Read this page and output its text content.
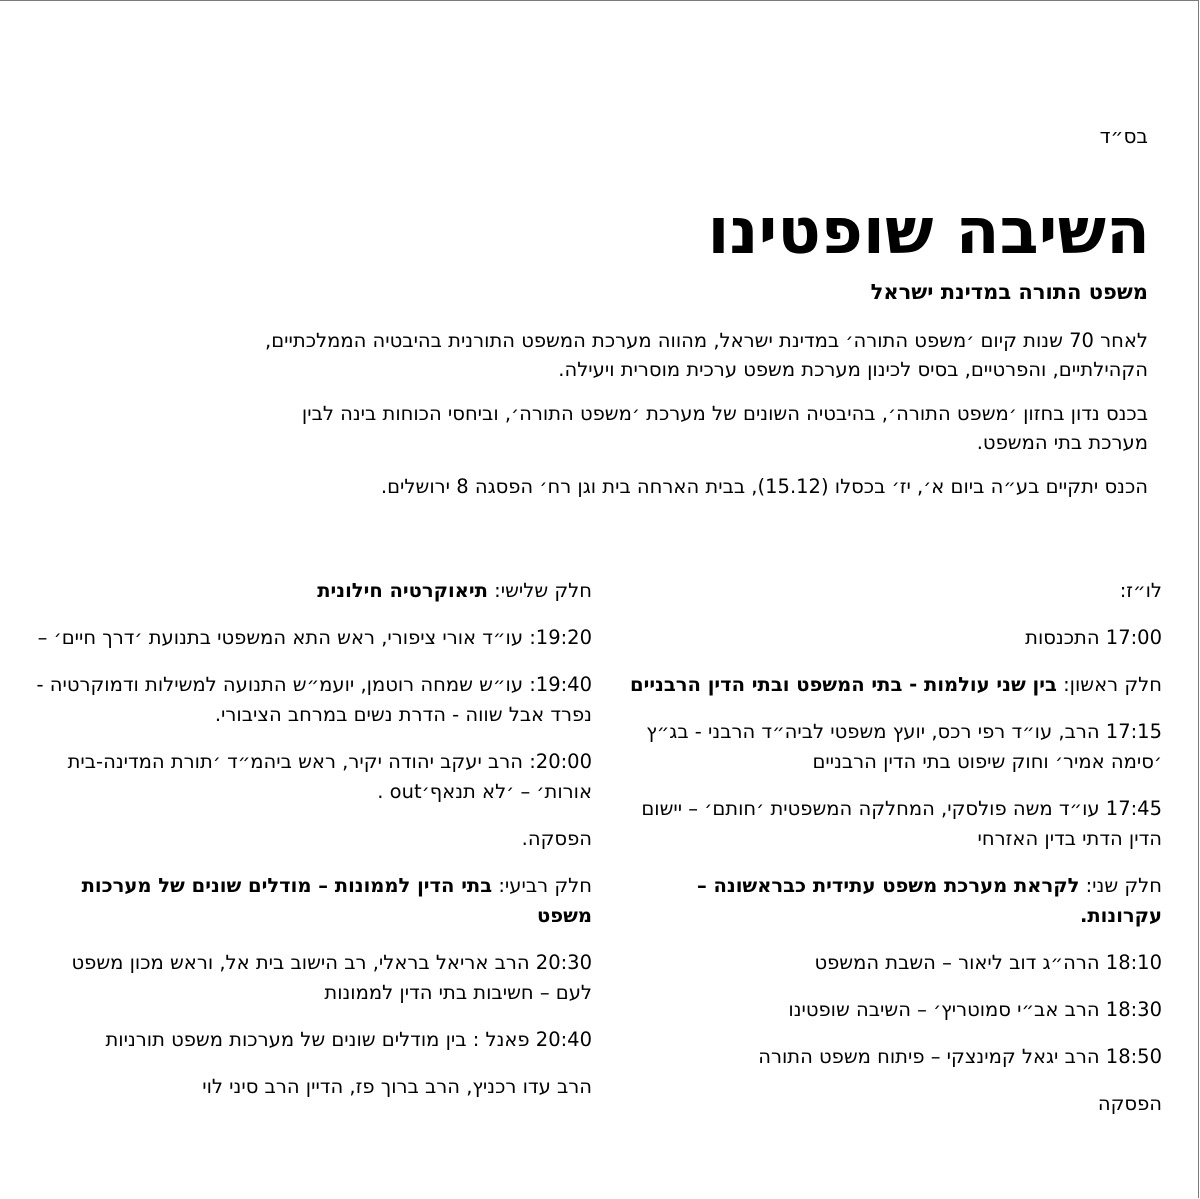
בס״ד
השיבה שופטינו
משפט התורה במדינת ישראל

לאחר 70 שנות קיום ׳משפט התורה׳ במדינת ישראל, מהווה מערכת המשפט התורנית בהיבטיה הממלכתיים, הקהילתיים, והפרטיים, בסיס לכינון מערכת משפט ערכית מוסרית ויעילה.

בכנס נדון בחזון ׳משפט התורה׳, בהיבטיה השונים של מערכת ׳משפט התורה׳, וביחסי הכוחות בינה לבין מערכת בתי המשפט.

הכנס יתקיים בע״ה ביום א׳, יז׳ בכסלו (15.12), בבית הארחה בית וגן רח׳ הפסגה 8 ירושלים.

לו״ז:

17:00 התכנסות

חלק ראשון: בין שני עולמות - בתי המשפט ובתי הדין הרבניים

17:15 הרב, עו״ד רפי רכס, יועץ משפטי לביה״ד הרבני - בג״ץ ׳סימה אמיר׳ וחוק שיפוט בתי הדין הרבניים

17:45 עו״ד משה פולסקי, המחלקה המשפטית ׳חותם׳ – יישום הדין הדתי בדין האזרחי

חלק שני: לקראת מערכת משפט עתידית כבראשונה – עקרונות.

18:10 הרה״ג דוב ליאור – השבת המשפט

18:30 הרב אב״י סמוטריץ׳ – השיבה שופטינו

18:50 הרב יגאל קמינצקי – פיתוח משפט התורה

הפסקה

חלק שלישי: תיאוקרטיה חילונית

19:20: עו״ד אורי ציפורי, ראש התא המשפטי בתנועת ׳דרך חיים׳ –

19:40: עו״ש שמחה רוטמן, יועמ״ש התנועה למשילות ודמוקרטיה - נפרד אבל שווה - הדרת נשים במרחב הציבורי.

20:00: הרב יעקב יהודה יקיר, ראש ביהמ״ד ׳תורת המדינה-בית אורות׳ – ׳לא תנאף׳out .

הפסקה.

חלק רביעי: בתי הדין לממונות – מודלים שונים של מערכות משפט

20:30 הרב אריאל בראלי, רב הישוב בית אל, וראש מכון משפט לעם – חשיבות בתי הדין לממונות

20:40 פאנל : בין מודלים שונים של מערכות משפט תורניות

הרב עדו רכניץ, הרב ברוך פז, הדיין הרב סיני לוי
